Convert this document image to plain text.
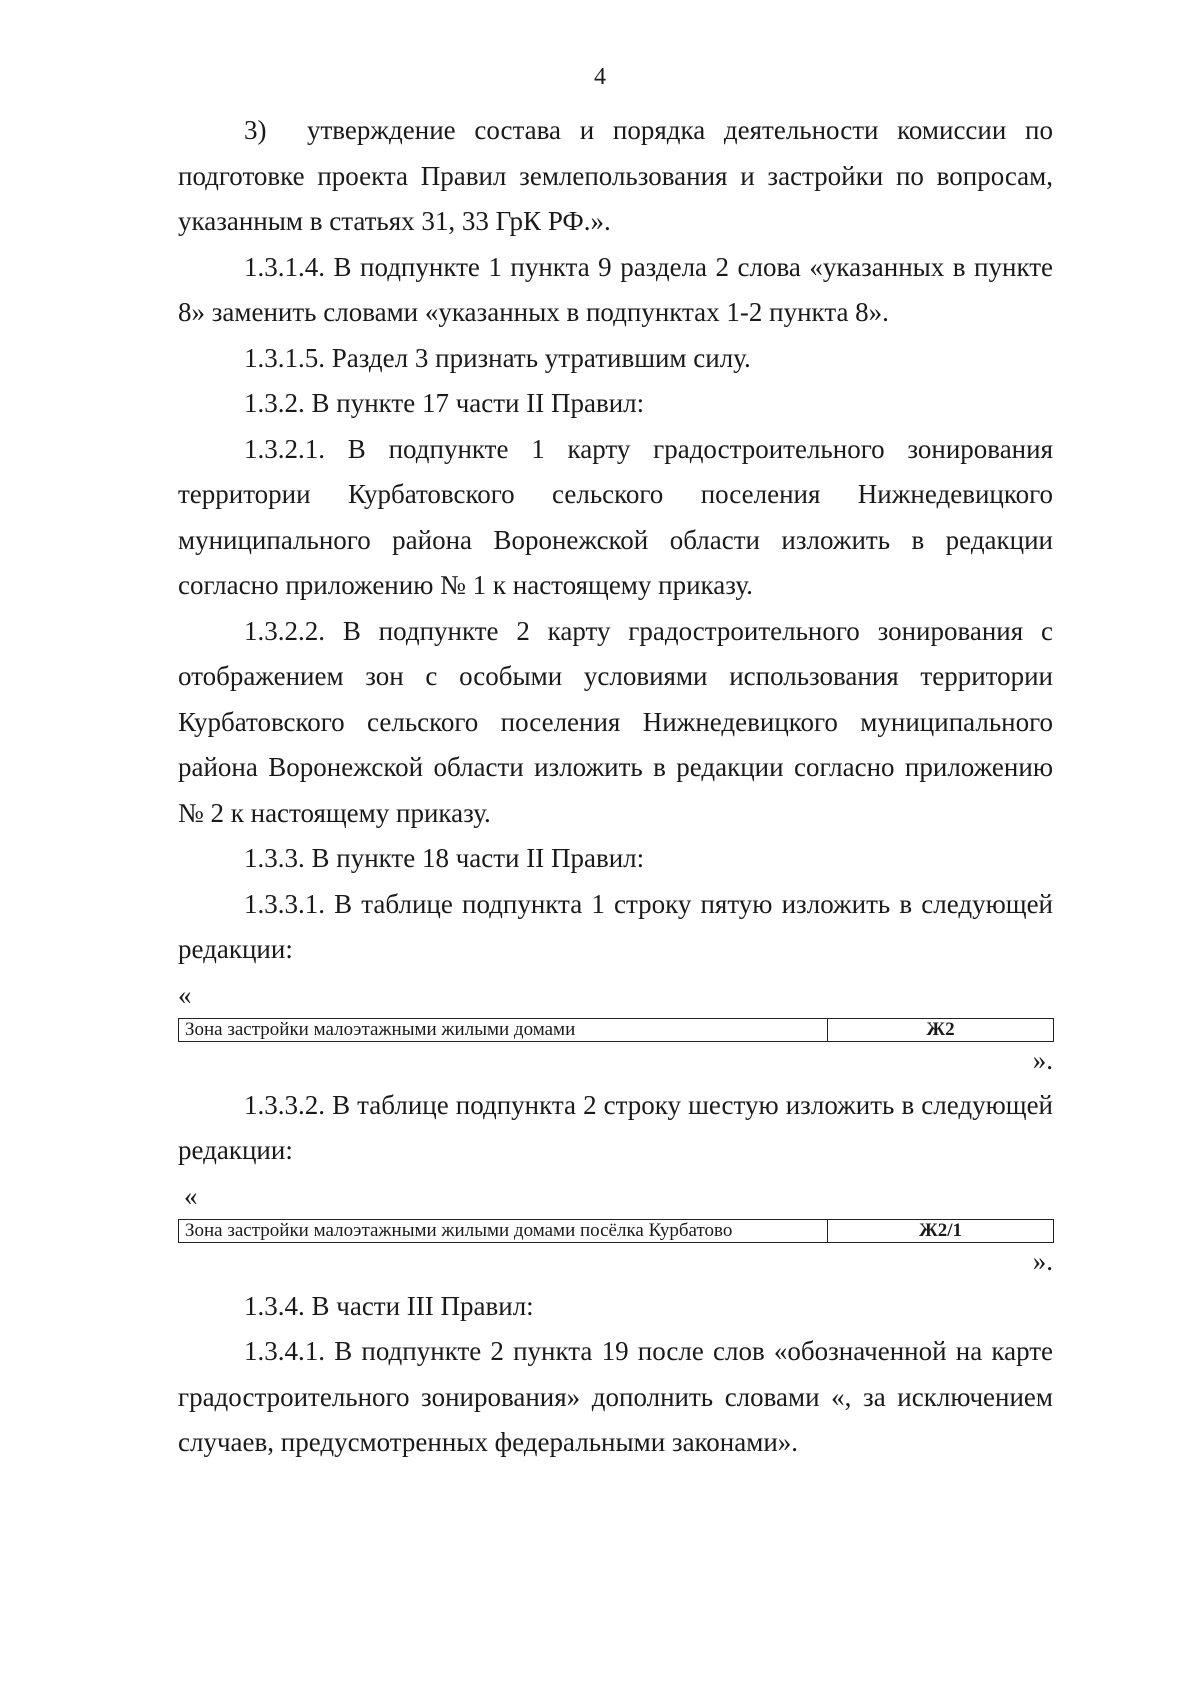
4

3)  утверждение состава и порядка деятельности комиссии по подготовке проекта Правил землепользования и застройки по вопросам, указанным в статьях 31, 33 ГрК РФ.».

1.3.1.4. В подпункте 1 пункта 9 раздела 2 слова «указанных в пункте 8» заменить словами «указанных в подпунктах 1-2 пункта 8».

1.3.1.5. Раздел 3 признать утратившим силу.

1.3.2. В пункте 17 части II Правил:

1.3.2.1. В подпункте 1 карту градостроительного зонирования территории Курбатовского сельского поселения Нижнедевицкого муниципального района Воронежской области изложить в редакции согласно приложению № 1 к настоящему приказу.

1.3.2.2. В подпункте 2 карту градостроительного зонирования с отображением зон с особыми условиями использования территории Курбатовского сельского поселения Нижнедевицкого муниципального района Воронежской области изложить в редакции согласно приложению № 2 к настоящему приказу.

1.3.3. В пункте 18 части II Правил:

1.3.3.1. В таблице подпункта 1 строку пятую изложить в следующей редакции:

«

Зона застройки малоэтажными жилыми домами	Ж2

».

1.3.3.2. В таблице подпункта 2 строку шестую изложить в следующей редакции:

«

Зона застройки малоэтажными жилыми домами посёлка Курбатово	Ж2/1

».

1.3.4. В части III Правил:

1.3.4.1. В подпункте 2 пункта 19 после слов «обозначенной на карте градостроительного зонирования» дополнить словами «, за исключением случаев, предусмотренных федеральными законами».
